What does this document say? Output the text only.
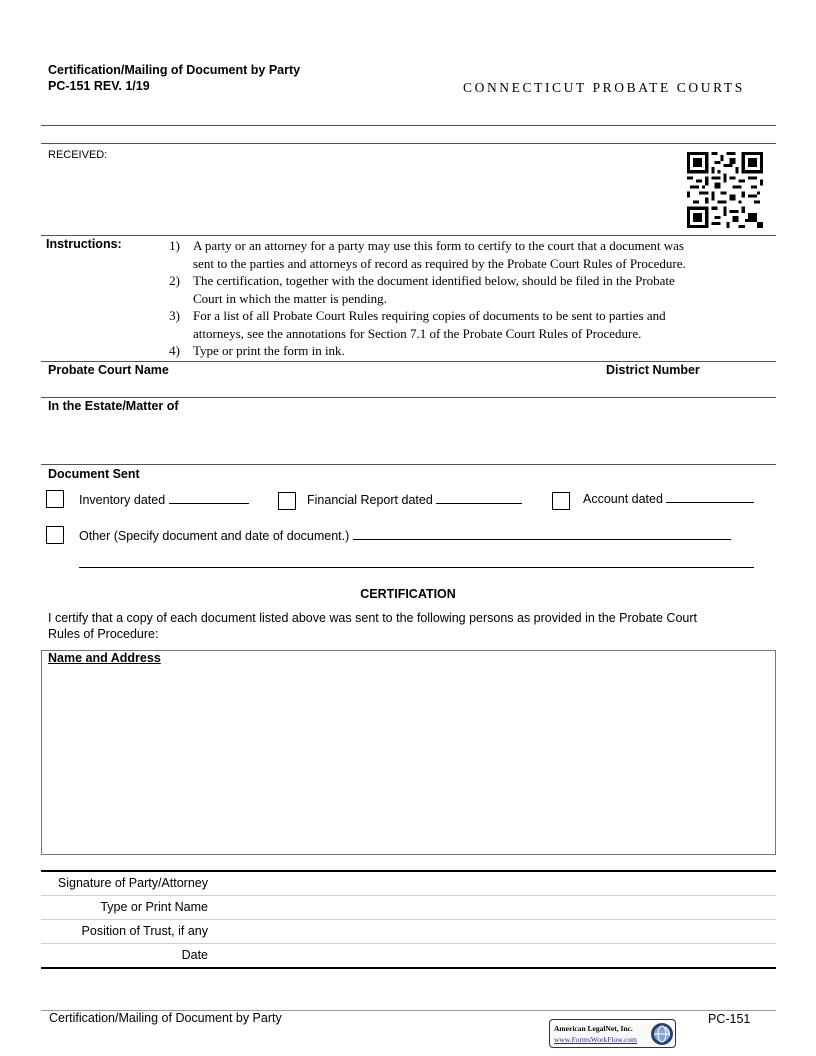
Certification/Mailing of Document by Party
PC-151 REV. 1/19	CONNECTICUT PROBATE COURTS
RECEIVED:
Instructions:	1) A party or an attorney for a party may use this form to certify to the court that a document was
sent to the parties and attorneys of record as required by the Probate Court Rules of Procedure.
2) The certification, together with the document identified below, should be filed in the Probate
Court in which the matter is pending.
3) For a list of all Probate Court Rules requiring copies of documents to be sent to parties and
attorneys, see the annotations for Section 7.1 of the Probate Court Rules of Procedure.
4) Type or print the form in ink.
Probate Court Name	District Number
In the Estate/Matter of
Document Sent
Inventory dated	Financial Report dated	Account dated
Other (Specify document and date of document.)
CERTIFICATION
I certify that a copy of each document listed above was sent to the following persons as provided in the Probate Court
Rules of Procedure:
Name and Address
Signature of Party/Attorney
Type or Print Name
Position of Trust, if any
Date
Certification/Mailing of Document by Party	PC-151
American LegalNet, Inc.
www.FormsWorkFlow.com
